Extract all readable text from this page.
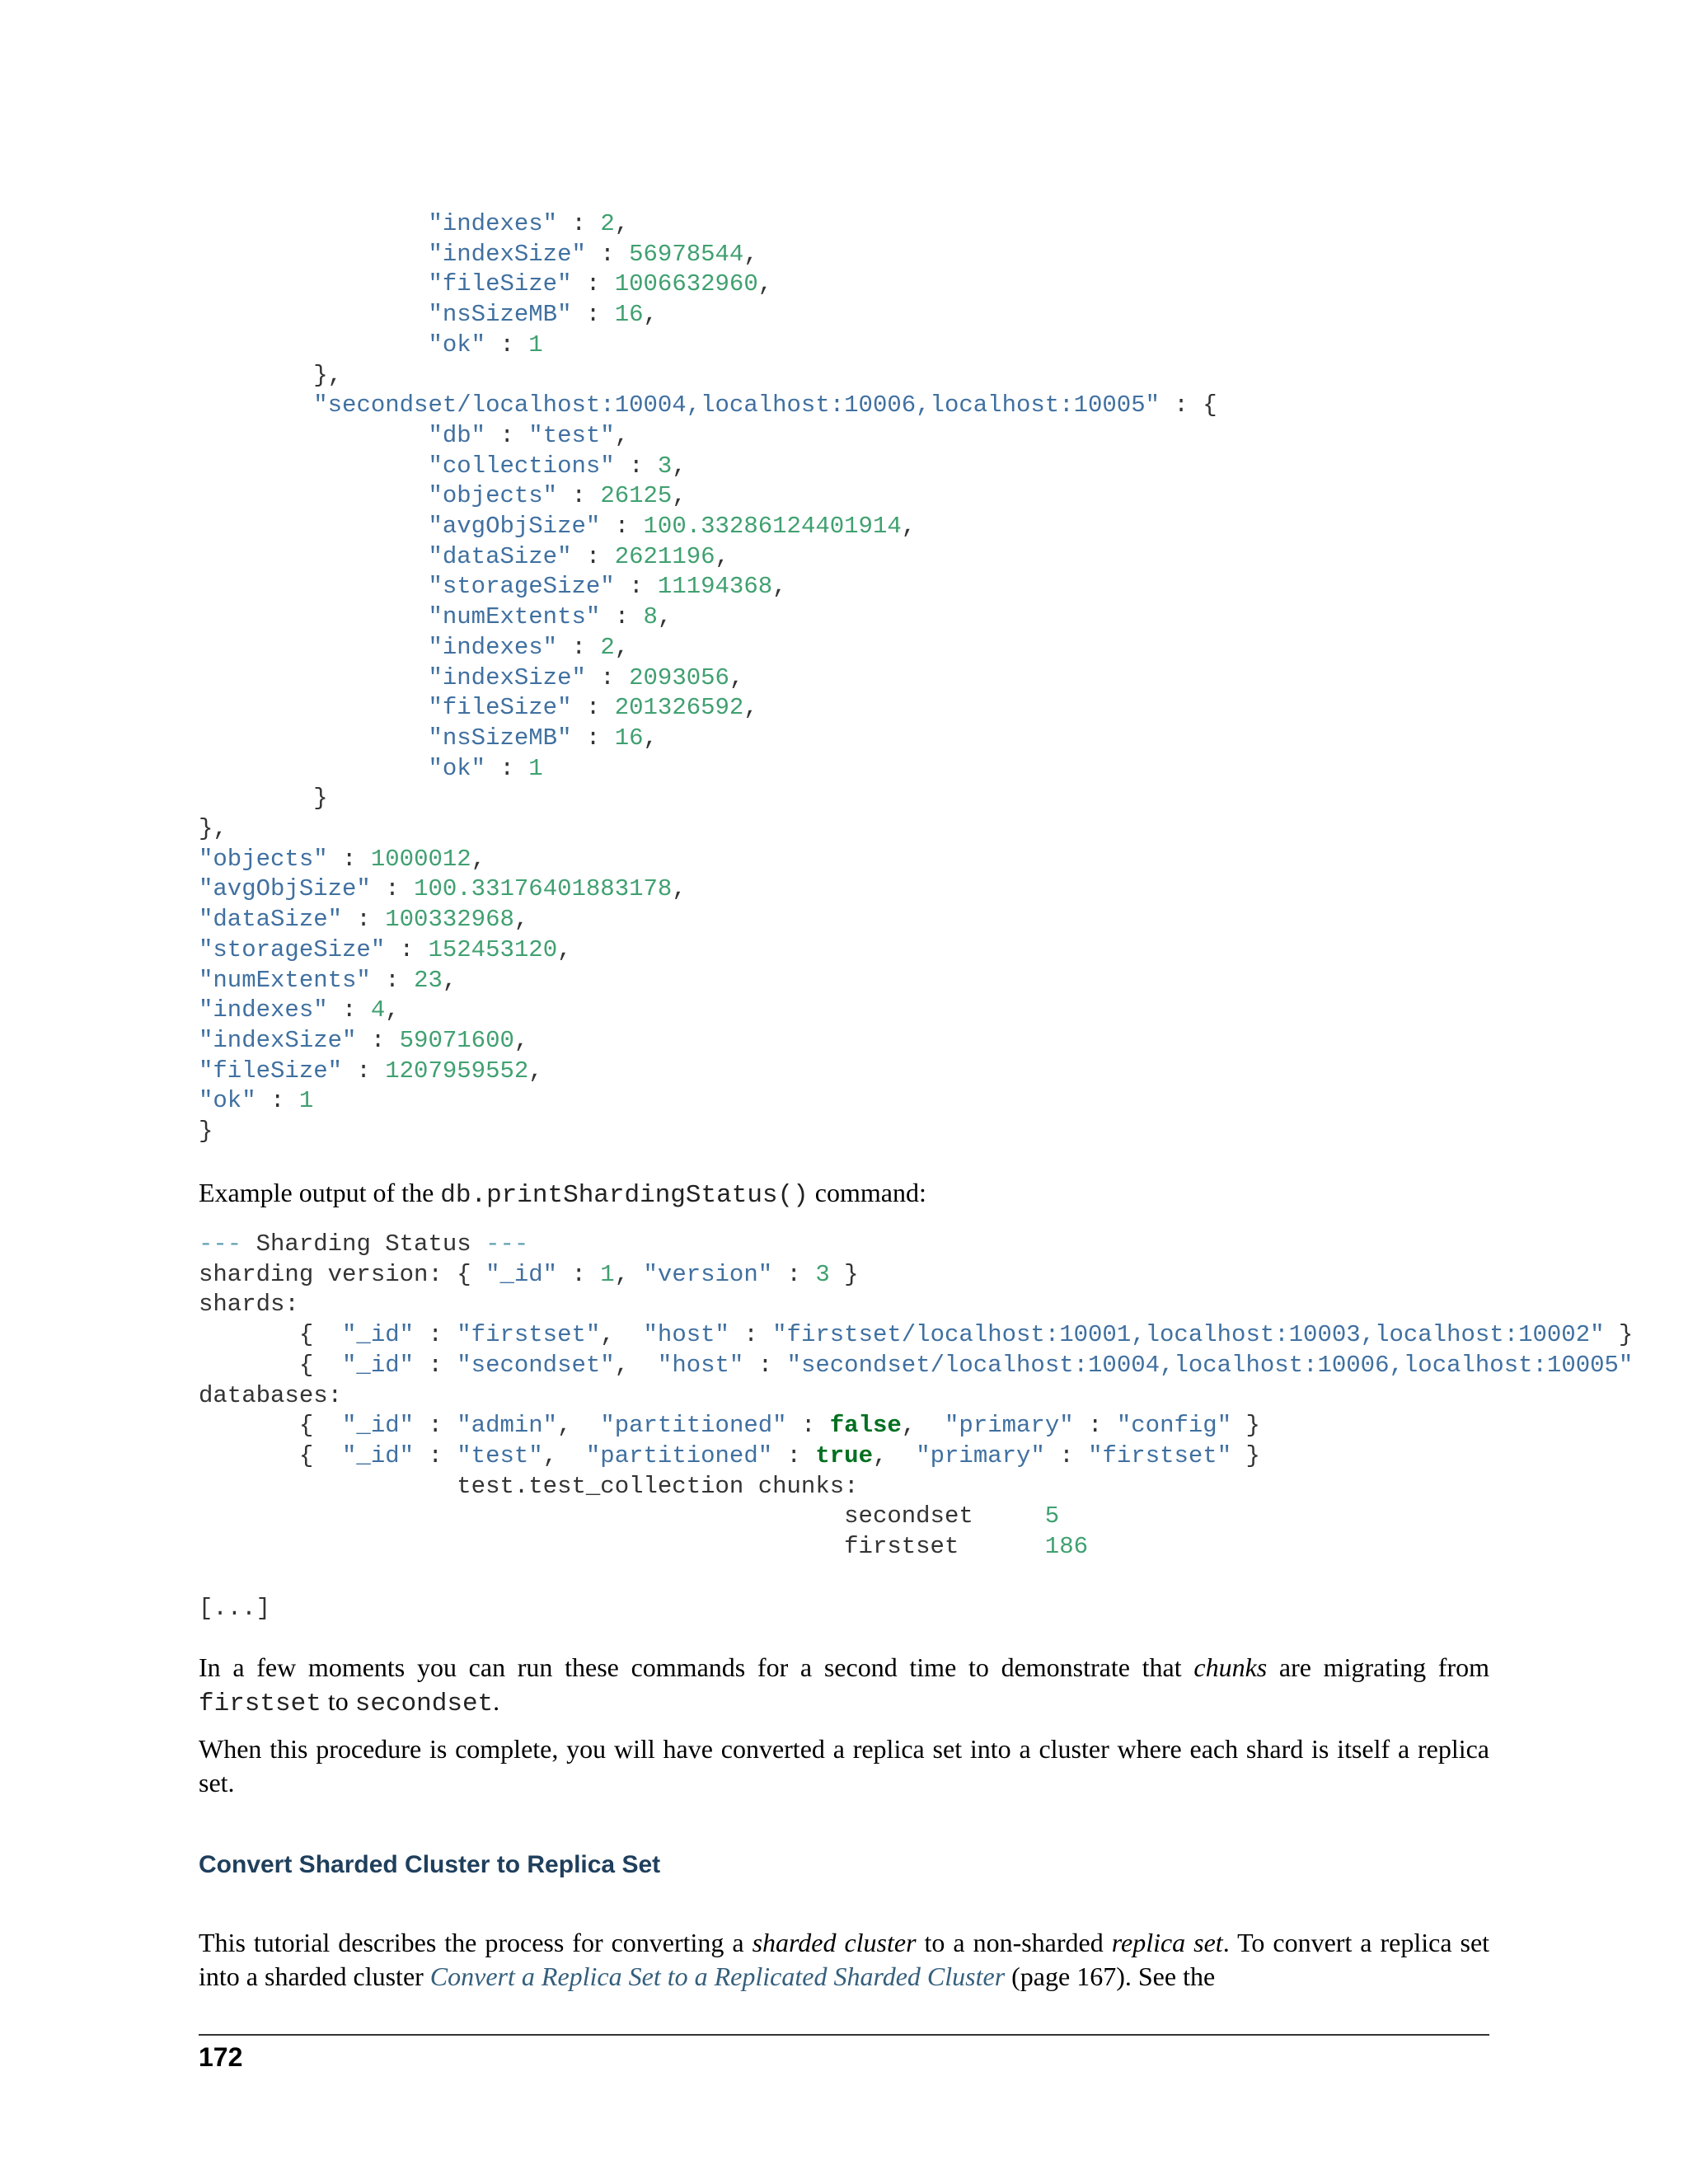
"indexes" : 2,
"indexSize" : 56978544,
"fileSize" : 1006632960,
"nsSizeMB" : 16,
"ok" : 1
},
"secondset/localhost:10004,localhost:10006,localhost:10005" : {
"db" : "test",
"collections" : 3,
"objects" : 26125,
"avgObjSize" : 100.33286124401914,
"dataSize" : 2621196,
"storageSize" : 11194368,
"numExtents" : 8,
"indexes" : 2,
"indexSize" : 2093056,
"fileSize" : 201326592,
"nsSizeMB" : 16,
"ok" : 1
}
},
"objects" : 1000012,
"avgObjSize" : 100.33176401883178,
"dataSize" : 100332968,
"storageSize" : 152453120,
"numExtents" : 23,
"indexes" : 4,
"indexSize" : 59071600,
"fileSize" : 1207959552,
"ok" : 1
}

Example output of the db.printShardingStatus() command:

--- Sharding Status ---
sharding version: { "_id" : 1, "version" : 3 }
shards:
{  "_id" : "firstset",  "host" : "firstset/localhost:10001,localhost:10003,localhost:10002" }
{  "_id" : "secondset",  "host" : "secondset/localhost:10004,localhost:10006,localhost:10005"
databases:
{  "_id" : "admin",  "partitioned" : false,  "primary" : "config" }
{  "_id" : "test",  "partitioned" : true,  "primary" : "firstset" }
test.test_collection chunks:
secondset	5
firstset	186
[...]

In a few moments you can run these commands for a second time to demonstrate that chunks are migrating from firstset to secondset.

When this procedure is complete, you will have converted a replica set into a cluster where each shard is itself a replica set.

Convert Sharded Cluster to Replica Set

This tutorial describes the process for converting a sharded cluster to a non-sharded replica set. To convert a replica set into a sharded cluster Convert a Replica Set to a Replicated Sharded Cluster (page 167). See the

172
